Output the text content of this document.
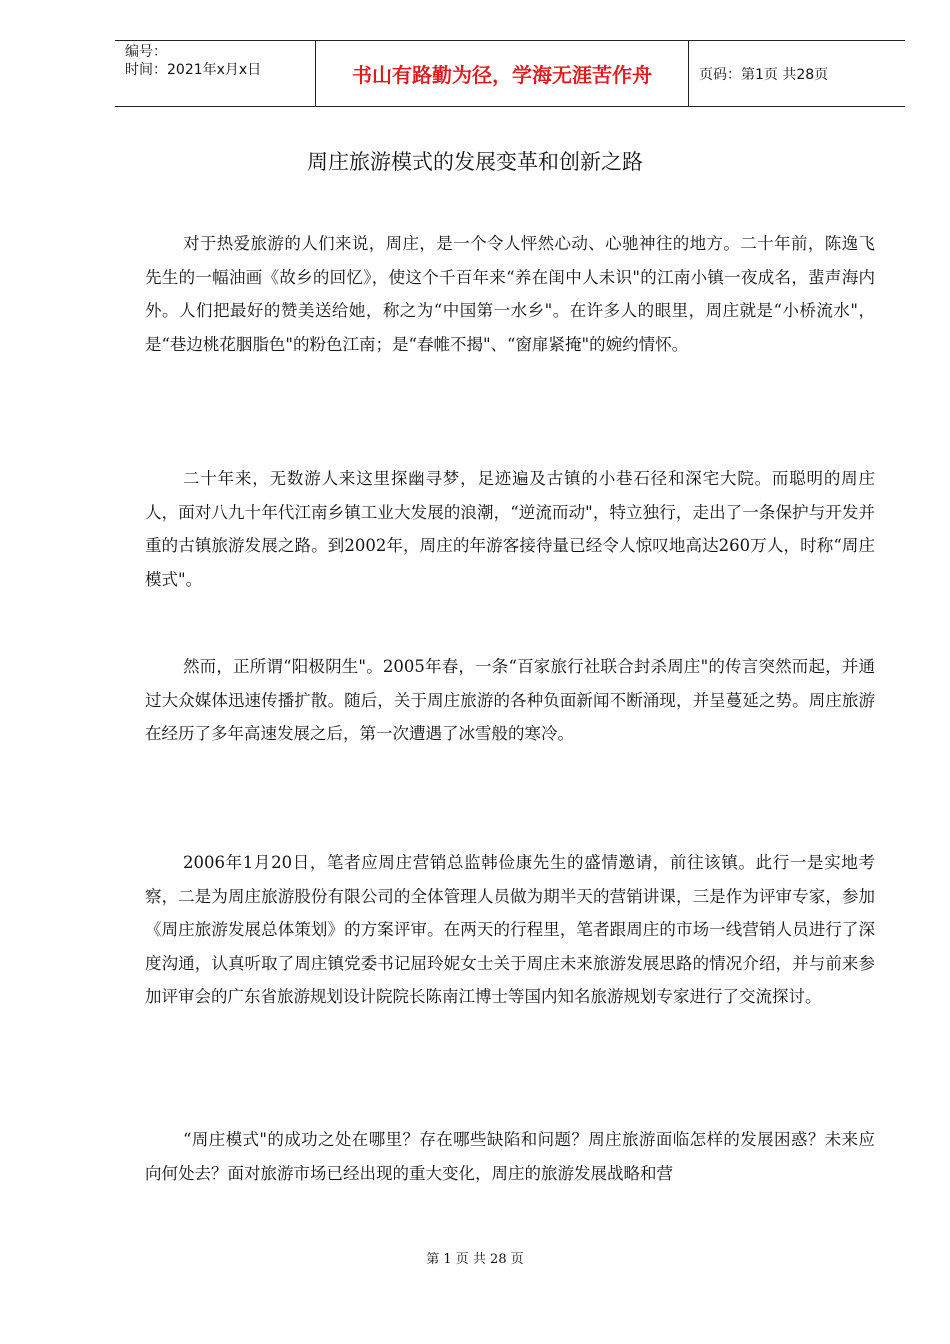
编号：
时间：2021年x月x日	书山有路勤为径，学海无涯苦作舟	页码：第1页 共28页
周庄旅游模式的发展变革和创新之路

对于热爱旅游的人们来说，周庄，是一个令人怦然心动、心驰神往的地方。二十年前，陈逸飞先生的一幅油画《故乡的回忆》，使这个千百年来“养在闺中人未识"的江南小镇一夜成名，蜚声海内外。人们把最好的赞美送给她，称之为“中国第一水乡"。在许多人的眼里，周庄就是“小桥流水"，是“巷边桃花胭脂色"的粉色江南；是“春帷不揭"、“窗扉紧掩"的婉约情怀。

二十年来，无数游人来这里探幽寻梦，足迹遍及古镇的小巷石径和深宅大院。而聪明的周庄人，面对八九十年代江南乡镇工业大发展的浪潮，“逆流而动"，特立独行，走出了一条保护与开发并重的古镇旅游发展之路。到2002年，周庄的年游客接待量已经令人惊叹地高达260万人，时称“周庄模式"。

然而，正所谓“阳极阴生"。2005年春，一条“百家旅行社联合封杀周庄"的传言突然而起，并通过大众媒体迅速传播扩散。随后，关于周庄旅游的各种负面新闻不断涌现，并呈蔓延之势。周庄旅游在经历了多年高速发展之后，第一次遭遇了冰雪般的寒冷。

2006年1月20日，笔者应周庄营销总监韩俭康先生的盛情邀请，前往该镇。此行一是实地考察，二是为周庄旅游股份有限公司的全体管理人员做为期半天的营销讲课，三是作为评审专家，参加《周庄旅游发展总体策划》的方案评审。在两天的行程里，笔者跟周庄的市场一线营销人员进行了深度沟通，认真听取了周庄镇党委书记屈玲妮女士关于周庄未来旅游发展思路的情况介绍，并与前来参加评审会的广东省旅游规划设计院院长陈南江博士等国内知名旅游规划专家进行了交流探讨。

“周庄模式"的成功之处在哪里？存在哪些缺陷和问题？周庄旅游面临怎样的发展困惑？未来应向何处去？面对旅游市场已经出现的重大变化，周庄的旅游发展战略和营

第 1 页 共 28 页
